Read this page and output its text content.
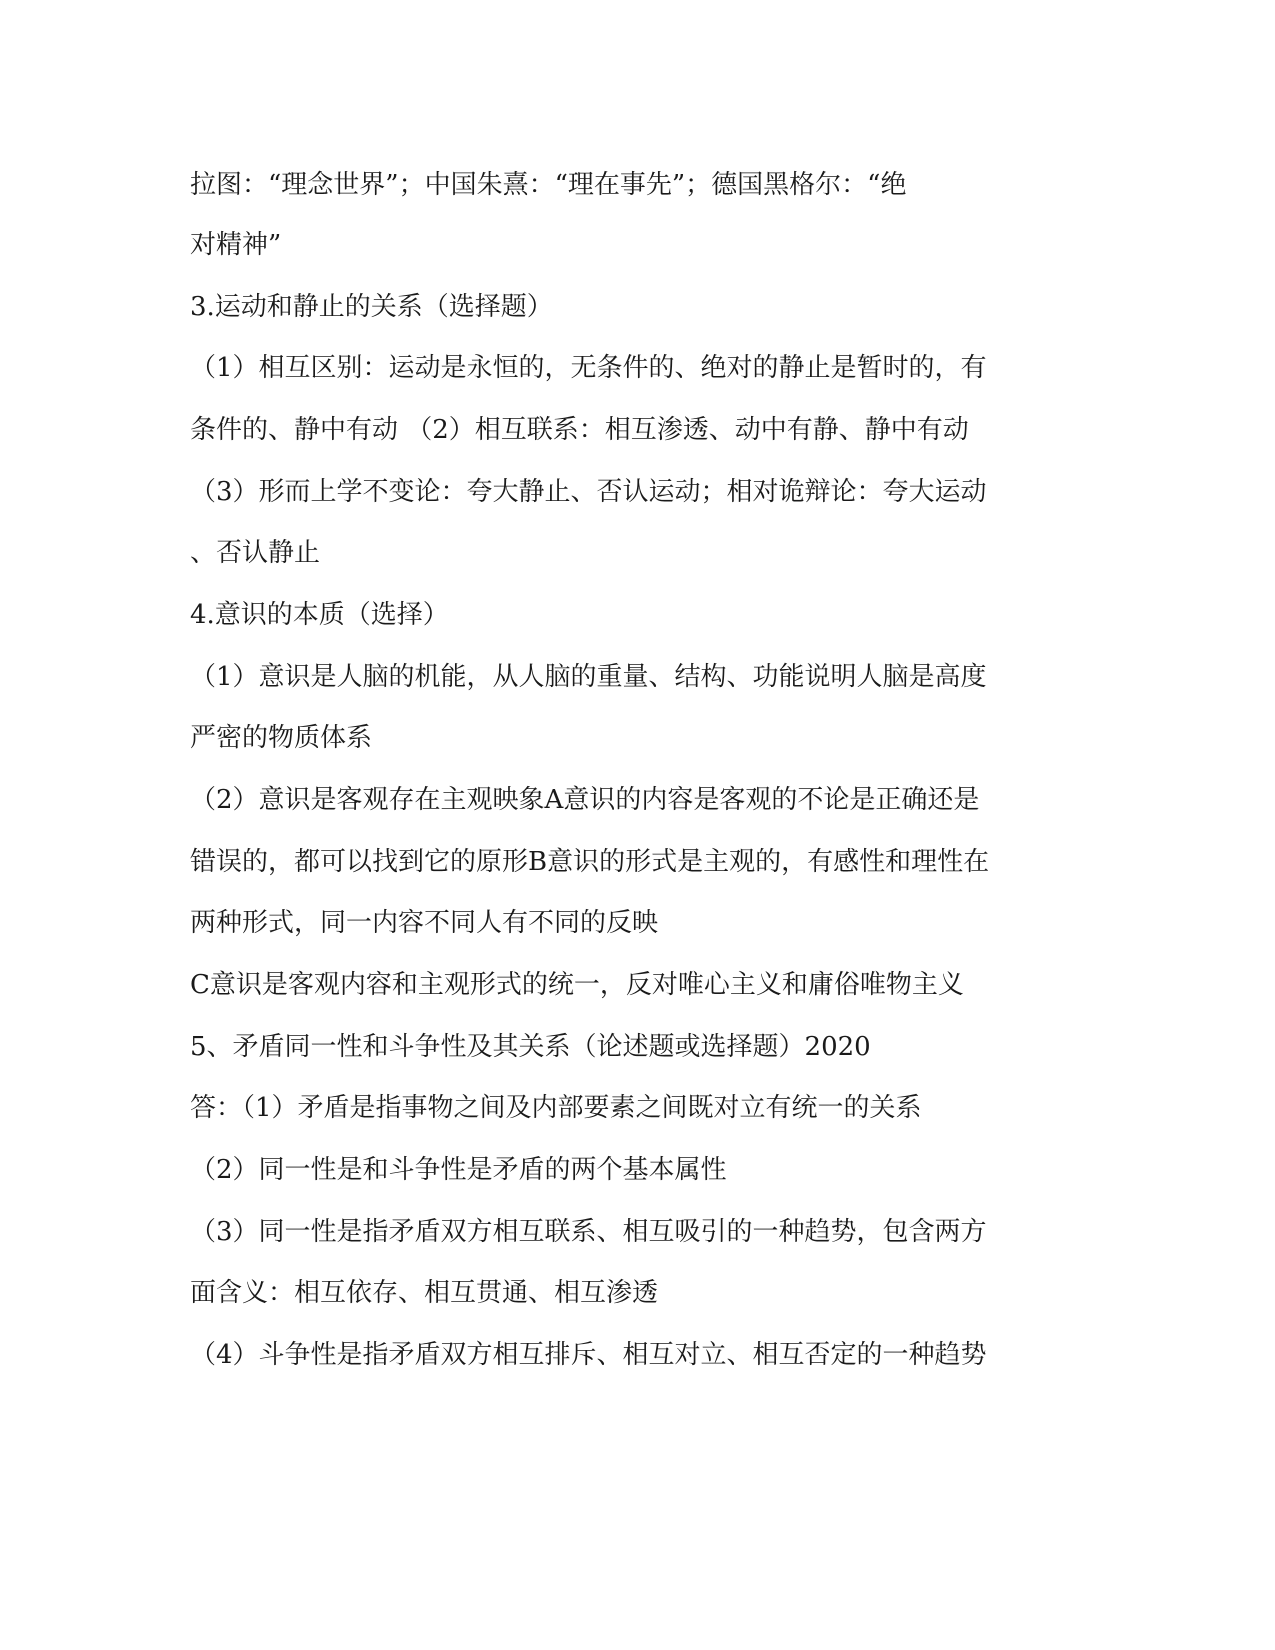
拉图：“理念世界”；中国朱熹：“理在事先”；德国黑格尔：“绝
对精神”
3.运动和静止的关系（选择题）
（1）相互区别：运动是永恒的，无条件的、绝对的静止是暂时的，有
条件的、静中有动 （2）相互联系：相互渗透、动中有静、静中有动
（3）形而上学不变论：夸大静止、否认运动；相对诡辩论：夸大运动
、否认静止
4.意识的本质（选择）
（1）意识是人脑的机能，从人脑的重量、结构、功能说明人脑是高度
严密的物质体系
（2）意识是客观存在主观映象A意识的内容是客观的不论是正确还是
错误的，都可以找到它的原形B意识的形式是主观的，有感性和理性在
两种形式，同一内容不同人有不同的反映
C意识是客观内容和主观形式的统一，反对唯心主义和庸俗唯物主义
5、矛盾同一性和斗争性及其关系（论述题或选择题）2020
答：（1）矛盾是指事物之间及内部要素之间既对立有统一的关系
（2）同一性是和斗争性是矛盾的两个基本属性
（3）同一性是指矛盾双方相互联系、相互吸引的一种趋势，包含两方
面含义：相互依存、相互贯通、相互渗透
（4）斗争性是指矛盾双方相互排斥、相互对立、相互否定的一种趋势
